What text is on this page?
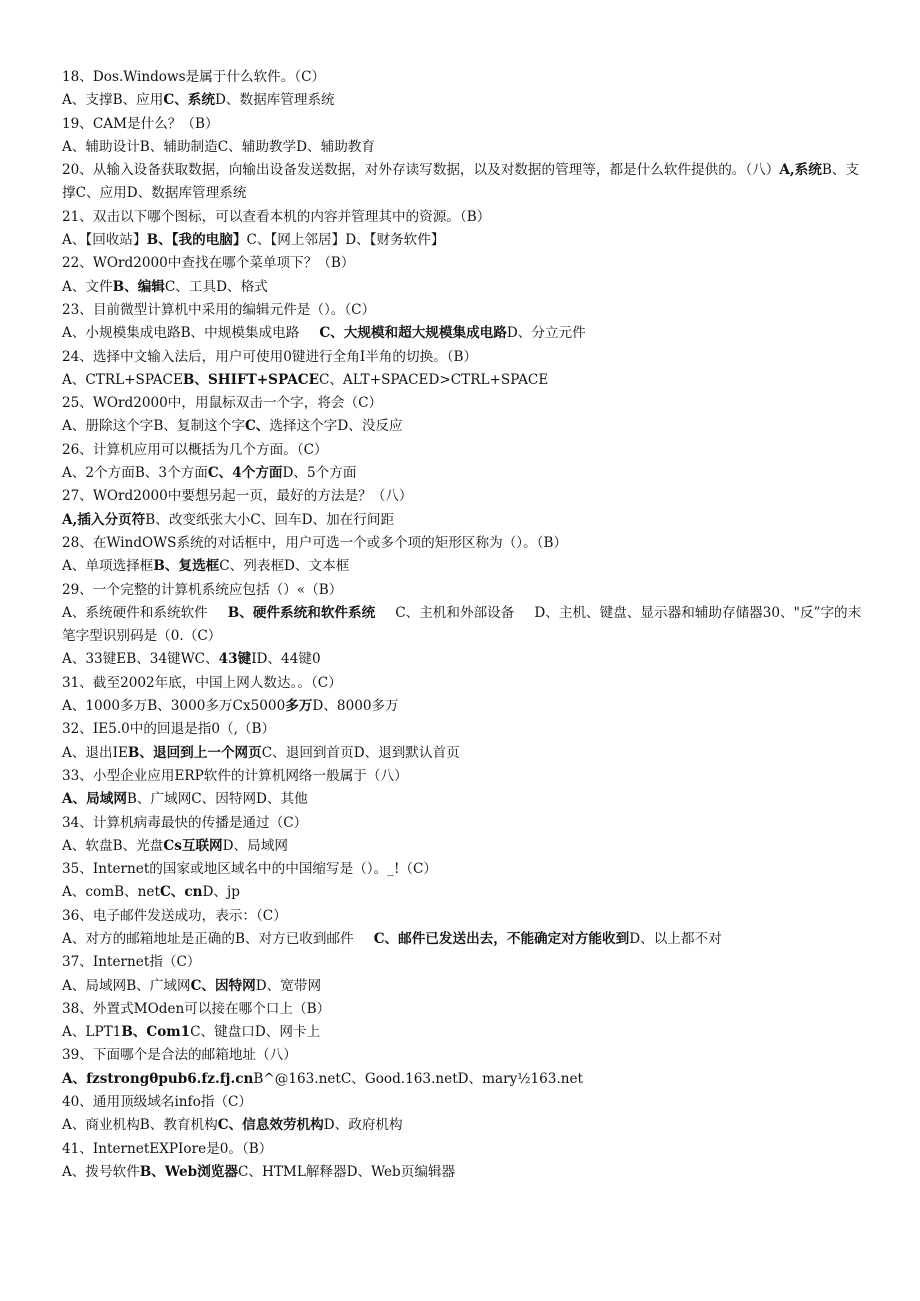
18、Dos.Windows是属于什么软件。（C）
A、支撑B、应用C、系统D、数据库管理系统
19、CAM是什么？（B）
A、辅助设计B、辅助制造C、辅助教学D、辅助教育
20、从输入设备获取数据，向输出设备发送数据，对外存读写数据，以及对数据的管理等，都是什么软件提供的。（八）A,系统B、支撑C、应用D、数据库管理系统
21、双击以下哪个图标，可以查看本机的内容并管理其中的资源。（B）
A、【回收站】B、【我的电脑】C、【网上邻居】D、【财务软件】
22、WOrd2000中查找在哪个菜单项下？（B）
A、文件B、编辑C、工具D、格式
23、目前微型计算机中采用的编辑元件是（）。（C）
A、小规模集成电路B、中规模集成电路 C、大规模和超大规模集成电路D、分立元件
24、选择中文输入法后，用户可使用0键进行全角I半角的切换。（B）
A、CTRL+SPACEB、SHIFT+SPACEC、ALT+SPACED>CTRL+SPACE
25、WOrd2000中，用鼠标双击一个字，将会（C）
A、册除这个字B、复制这个字C、选择这个字D、没反应
26、计算机应用可以概括为几个方面。（C）
A、2个方面B、3个方面C、4个方面D、5个方面
27、WOrd2000中要想另起一页，最好的方法是？（八）
A,插入分页符B、改变纸张大小C、回车D、加在行间距
28、在WindOWS系统的对话框中，用户可选一个或多个项的矩形区称为（）。（B）
A、单项选择框B、复选框C、列表框D、文本框
29、一个完整的计算机系统应包括（）«（B）
A、系统硬件和系统软件 B、硬件系统和软件系统 C、主机和外部设备 D、主机、键盘、显示器和辅助存储器30、"反”字的末笔字型识别码是（0.（C）
A、33键EB、34键WC、43键ID、44键0
31、截至2002年底，中国上网人数达。。（C）
A、1000多万B、3000多万Cx5000多万D、8000多万
32、IE5.0中的回退是指0（,（B）
A、退出IEB、退回到上一个网页C、退回到首页D、退到默认首页
33、小型企业应用ERP软件的计算机网络一般属于（八）
A、局域网B、广域网C、因特网D、其他
34、计算机病毒最快的传播是通过（C）
A、软盘B、光盘Cs互联网D、局域网
35、Internet的国家或地区域名中的中国缩写是（）。_!（C）
A、comB、netC、cnD、jp
36、电子邮件发送成功，表示：（C）
A、对方的邮箱地址是正确的B、对方已收到邮件 C、邮件已发送出去，不能确定对方能收到D、以上都不对
37、Internet指（C）
A、局域网B、广域网C、因特网D、宽带网
38、外置式MOden可以接在哪个口上（B）
A、LPT1B、Com1C、键盘口D、网卡上
39、下面哪个是合法的邮箱地址（八）
A、fzstrongθpub6.fz.fj.cnB^@163.netC、Good.163.netD、mary½163.net
40、通用顶级域名info指（C）
A、商业机构B、教育机构C、信息效劳机构D、政府机构
41、InternetEXPIore是0。（B）
A、拨号软件B、Web浏览器C、HTML解释器D、Web页编辑器
